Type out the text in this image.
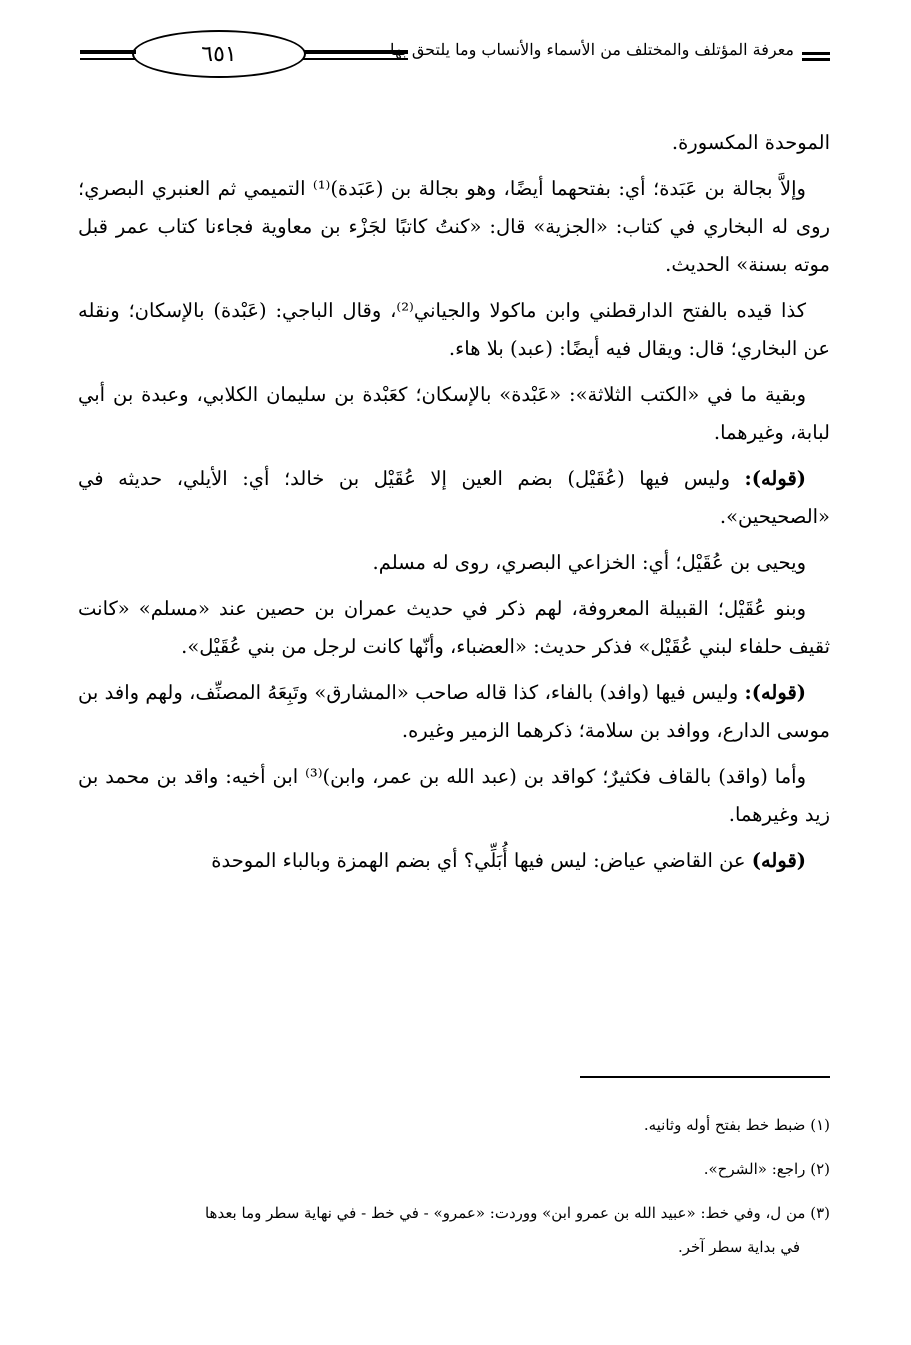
معرفة المؤتلف والمختلف من الأسماء والأنساب وما يلتحق بها
٦٥١

الموحدة المكسورة.

وإلاَّ بجالة بن عَبَدة؛ أي: بفتحهما أيضًا، وهو بجالة بن (عَبَدة)⁽¹⁾ التميمي ثم العنبري البصري؛ روى له البخاري في كتاب: «الجزية» قال: «كنتُ كاتبًا لجَزْء بن معاوية فجاءنا كتاب عمر قبل موته بسنة» الحديث.

كذا قيده بالفتح الدارقطني وابن ماكولا والجياني⁽²⁾، وقال الباجي: (عَبْدة) بالإسكان؛ ونقله عن البخاري؛ قال: ويقال فيه أيضًا: (عبد) بلا هاء.

وبقية ما في «الكتب الثلاثة»: «عَبْدة» بالإسكان؛ كعَبْدة بن سليمان الكلابي، وعبدة بن أبي لبابة، وغيرهما.

(قوله): وليس فيها (عُقَيْل) بضم العين إلا عُقَيْل بن خالد؛ أي: الأيلي، حديثه في «الصحيحين».

ويحيى بن عُقَيْل؛ أي: الخزاعي البصري، روى له مسلم.

وبنو عُقَيْل؛ القبيلة المعروفة، لهم ذكر في حديث عمران بن حصين عند «مسلم» «كانت ثقيف حلفاء لبني عُقَيْل» فذكر حديث: «العضباء، وأنّها كانت لرجل من بني عُقَيْل».

(قوله): وليس فيها (وافد) بالفاء، كذا قاله صاحب «المشارق» وتَبِعَهُ المصنِّف، ولهم وافد بن موسى الدارع، ووافد بن سلامة؛ ذكرهما الزمير وغيره.

وأما (واقد) بالقاف فكثيرٌ؛ كواقد بن (عبد الله بن عمر، وابن)⁽³⁾ ابن أخيه: واقد بن محمد بن زيد وغيرهما.

(قوله) عن القاضي عياض: ليس فيها أُبَلِّي؟ أي بضم الهمزة وبالباء الموحدة

(١) ضبط خط بفتح أوله وثانيه.

(٢) راجع: «الشرح».

(٣) من ل، وفي خط: «عبيد الله بن عمرو ابن» ووردت: «عمرو» - في خط - في نهاية سطر وما بعدها
في بداية سطر آخر.
